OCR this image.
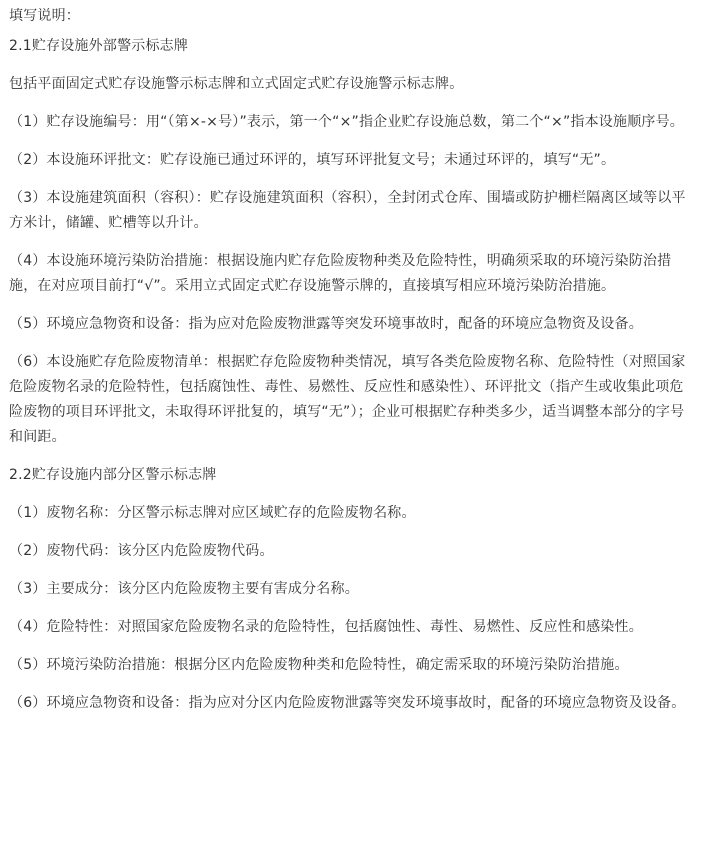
填写说明：

2.1贮存设施外部警示标志牌

包括平面固定式贮存设施警示标志牌和立式固定式贮存设施警示标志牌。

（1）贮存设施编号：用“（第×-×号）”表示，第一个“×”指企业贮存设施总数，第二个“×”指本设施顺序号。

（2）本设施环评批文：贮存设施已通过环评的，填写环评批复文号；未通过环评的，填写“无”。

（3）本设施建筑面积（容积）：贮存设施建筑面积（容积），全封闭式仓库、围墙或防护栅栏隔离区域等以平方米计，储罐、贮槽等以升计。

（4）本设施环境污染防治措施：根据设施内贮存危险废物种类及危险特性，明确须采取的环境污染防治措施，在对应项目前打“√”。采用立式固定式贮存设施警示牌的，直接填写相应环境污染防治措施。

（5）环境应急物资和设备：指为应对危险废物泄露等突发环境事故时，配备的环境应急物资及设备。

（6）本设施贮存危险废物清单：根据贮存危险废物种类情况，填写各类危险废物名称、危险特性（对照国家危险废物名录的危险特性，包括腐蚀性、毒性、易燃性、反应性和感染性）、环评批文（指产生或收集此项危险废物的项目环评批文，未取得环评批复的，填写“无”）；企业可根据贮存种类多少，适当调整本部分的字号和间距。

2.2贮存设施内部分区警示标志牌

（1）废物名称：分区警示标志牌对应区域贮存的危险废物名称。

（2）废物代码：该分区内危险废物代码。

（3）主要成分：该分区内危险废物主要有害成分名称。

（4）危险特性：对照国家危险废物名录的危险特性，包括腐蚀性、毒性、易燃性、反应性和感染性。

（5）环境污染防治措施：根据分区内危险废物种类和危险特性，确定需采取的环境污染防治措施。

（6）环境应急物资和设备：指为应对分区内危险废物泄露等突发环境事故时，配备的环境应急物资及设备。
